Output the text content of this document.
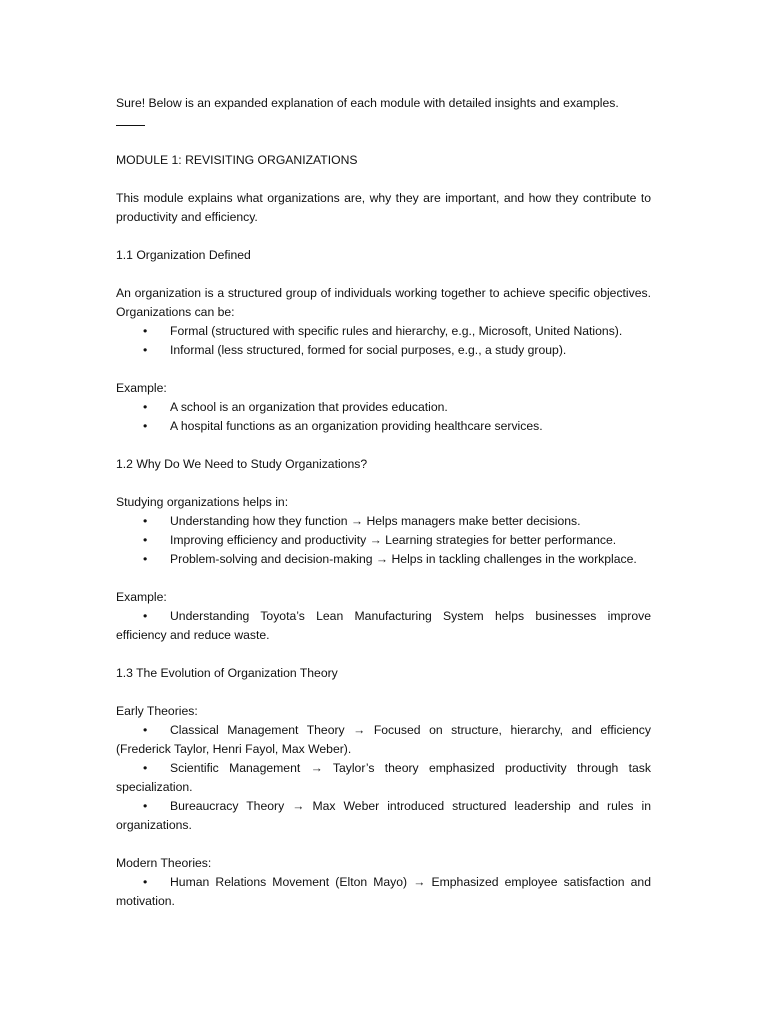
Sure! Below is an expanded explanation of each module with detailed insights and examples.

MODULE 1: REVISITING ORGANIZATIONS

This module explains what organizations are, why they are important, and how they contribute to productivity and efficiency.

1.1 Organization Defined

An organization is a structured group of individuals working together to achieve specific objectives. Organizations can be:

• Formal (structured with specific rules and hierarchy, e.g., Microsoft, United Nations).
• Informal (less structured, formed for social purposes, e.g., a study group).

Example:

• A school is an organization that provides education.
• A hospital functions as an organization providing healthcare services.

1.2 Why Do We Need to Study Organizations?

Studying organizations helps in:

• Understanding how they function → Helps managers make better decisions.
• Improving efficiency and productivity → Learning strategies for better performance.
• Problem-solving and decision-making → Helps in tackling challenges in the workplace.

Example:

• Understanding Toyota’s Lean Manufacturing System helps businesses improve
efficiency and reduce waste.

1.3 The Evolution of Organization Theory

Early Theories:

• Classical Management Theory → Focused on structure, hierarchy, and efficiency
(Frederick Taylor, Henri Fayol, Max Weber).
• Scientific Management → Taylor’s theory emphasized productivity through task
specialization.
• Bureaucracy Theory → Max Weber introduced structured leadership and rules in
organizations.

Modern Theories:

• Human Relations Movement (Elton Mayo) → Emphasized employee satisfaction and
motivation.
